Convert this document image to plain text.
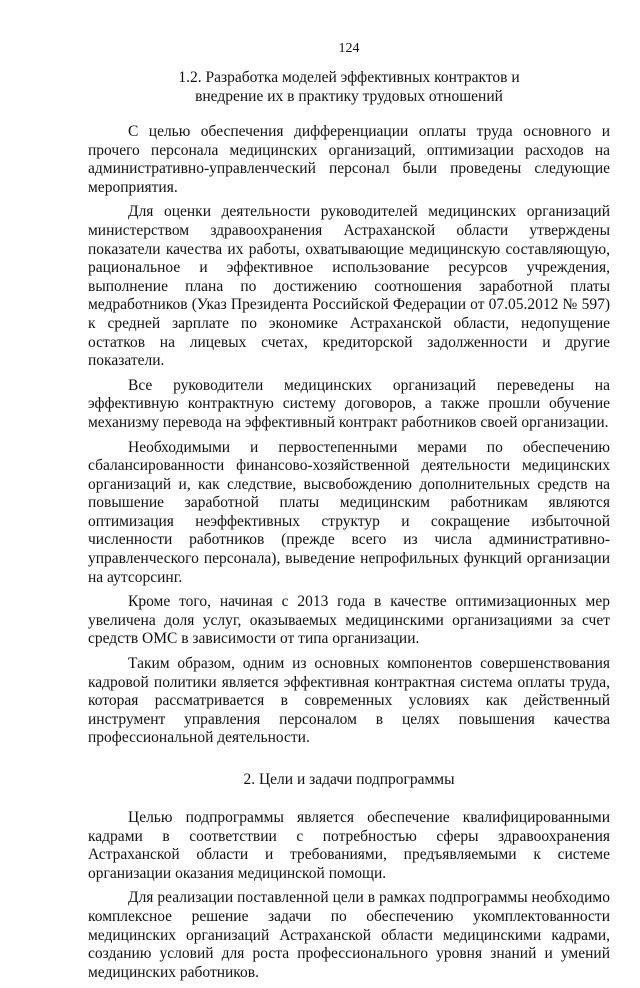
124
1.2. Разработка моделей эффективных контрактов и
внедрение их в практику трудовых отношений

С целью обеспечения дифференциации оплаты труда основного и прочего персонала медицинских организаций, оптимизации расходов на административно-управленческий персонал были проведены следующие мероприятия.

Для оценки деятельности руководителей медицинских организаций министерством здравоохранения Астраханской области утверждены показатели качества их работы, охватывающие медицинскую составляющую, рациональное и эффективное использование ресурсов учреждения, выполнение плана по достижению соотношения заработной платы медработников (Указ Президента Российской Федерации от 07.05.2012 № 597) к средней зарплате по экономике Астраханской области, недопущение остатков на лицевых счетах, кредиторской задолженности и другие показатели.

Все руководители медицинских организаций переведены на эффективную контрактную систему договоров, а также прошли обучение механизму перевода на эффективный контракт работников своей организации.

Необходимыми и первостепенными мерами по обеспечению сбалансированности финансово-хозяйственной деятельности медицинских организаций и, как следствие, высвобождению дополнительных средств на повышение заработной платы медицинским работникам являются оптимизация неэффективных структур и сокращение избыточной численности работников (прежде всего из числа административно-управленческого персонала), выведение непрофильных функций организации на аутсорсинг.

Кроме того, начиная с 2013 года в качестве оптимизационных мер увеличена доля услуг, оказываемых медицинскими организациями за счет средств ОМС в зависимости от типа организации.

Таким образом, одним из основных компонентов совершенствования кадровой политики является эффективная контрактная система оплаты труда, которая рассматривается в современных условиях как действенный инструмент управления персоналом в целях повышения качества профессиональной деятельности.

2. Цели и задачи подпрограммы

Целью подпрограммы является обеспечение квалифицированными кадрами в соответствии с потребностью сферы здравоохранения Астраханской области и требованиями, предъявляемыми к системе организации оказания медицинской помощи.

Для реализации поставленной цели в рамках подпрограммы необходимо комплексное решение задачи по обеспечению укомплектованности медицинских организаций Астраханской области медицинскими кадрами, созданию условий для роста профессионального уровня знаний и умений медицинских работников.
